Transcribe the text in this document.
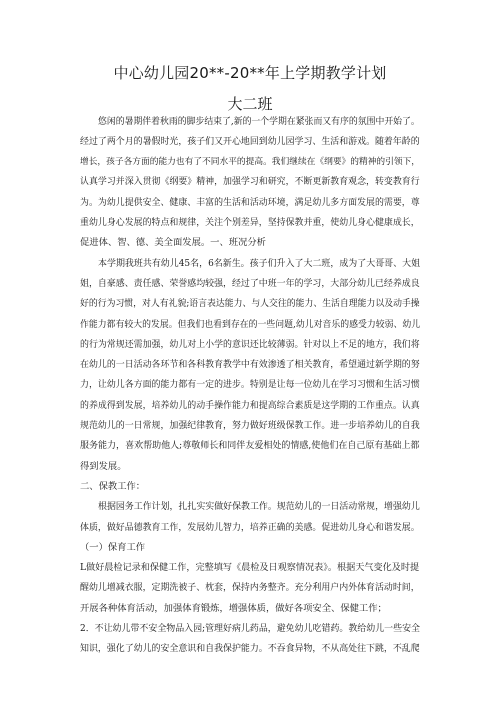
中心幼儿园20**-20**年上学期教学计划
大二班
悠闲的暑期伴着秋雨的脚步结束了,新的一个学期在紧张而又有序的氛围中开始了。
经过了两个月的暑假时光，孩子们又开心地回到幼儿园学习、生活和游戏。随着年龄的
增长，孩子各方面的能力也有了不同水平的提高。我们继续在《纲要》的精神的引领下，
认真学习并深入贯彻《纲要》精神，加强学习和研究，不断更新教育观念，转变教育行
为。为幼儿提供安全、健康、丰富的生活和活动环境，满足幼儿多方面发展的需要，尊
重幼儿身心发展的特点和规律，关注个别差异，坚持保教并重，使幼儿身心健康成长，
促进体、智、德、美全面发展。一、班况分析
本学期我班共有幼儿45名，6名新生。孩子们升入了大二班，成为了大哥哥、大姐
姐，自豪感、责任感、荣誉感均较强，经过了中班一年的学习，大部分幼儿已经养成良
好的行为习惯，对人有礼貌;语言表达能力、与人交往的能力、生活自理能力以及动手操
作能力都有较大的发展。但我们也看到存在的一些问题,幼儿对音乐的感受力较弱、幼儿
的行为常规还需加强，幼儿对上小学的意识还比较薄弱。针对以上不足的地方，我们将
在幼儿的一日活动各环节和各科教育教学中有效渗透了相关教育，希望通过新学期的努
力，让幼儿各方面的能力都有一定的进步。特别是让每一位幼儿在学习习惯和生活习惯
的养成得到发展，培养幼儿的动手操作能力和提高综合素质是这学期的工作重点。认真
规范幼儿的一日常规，加强纪律教育，努力做好班级保教工作。进一步培养幼儿的自我
服务能力，喜欢帮助他人;尊敬师长和同伴友爱相处的情感,使他们在自己原有基础上都
得到发展。
二、保教工作：
根据园务工作计划，扎扎实实做好保教工作。规范幼儿的一日活动常规，增强幼儿
体质，做好品德教育工作，发展幼儿智力，培养正确的美感。促进幼儿身心和谐发展。
（一）保育工作
L做好晨检记录和保健工作，完整填写《晨检及日观察情况表》。根据天气变化及时提
醒幼儿增减衣服，定期洗被子、枕套，保持内务整齐。充分利用户内外体育活动时间，
开展各种体育活动，加强体育锻炼，增强体质，做好各项安全、保健工作；
2．不让幼儿带不安全物品入园;管理好病儿药品，避免幼儿吃错药。教给幼儿一些安全
知识，强化了幼儿的安全意识和自我保护能力。不吞食异物，不从高处往下跳，不乱爬
